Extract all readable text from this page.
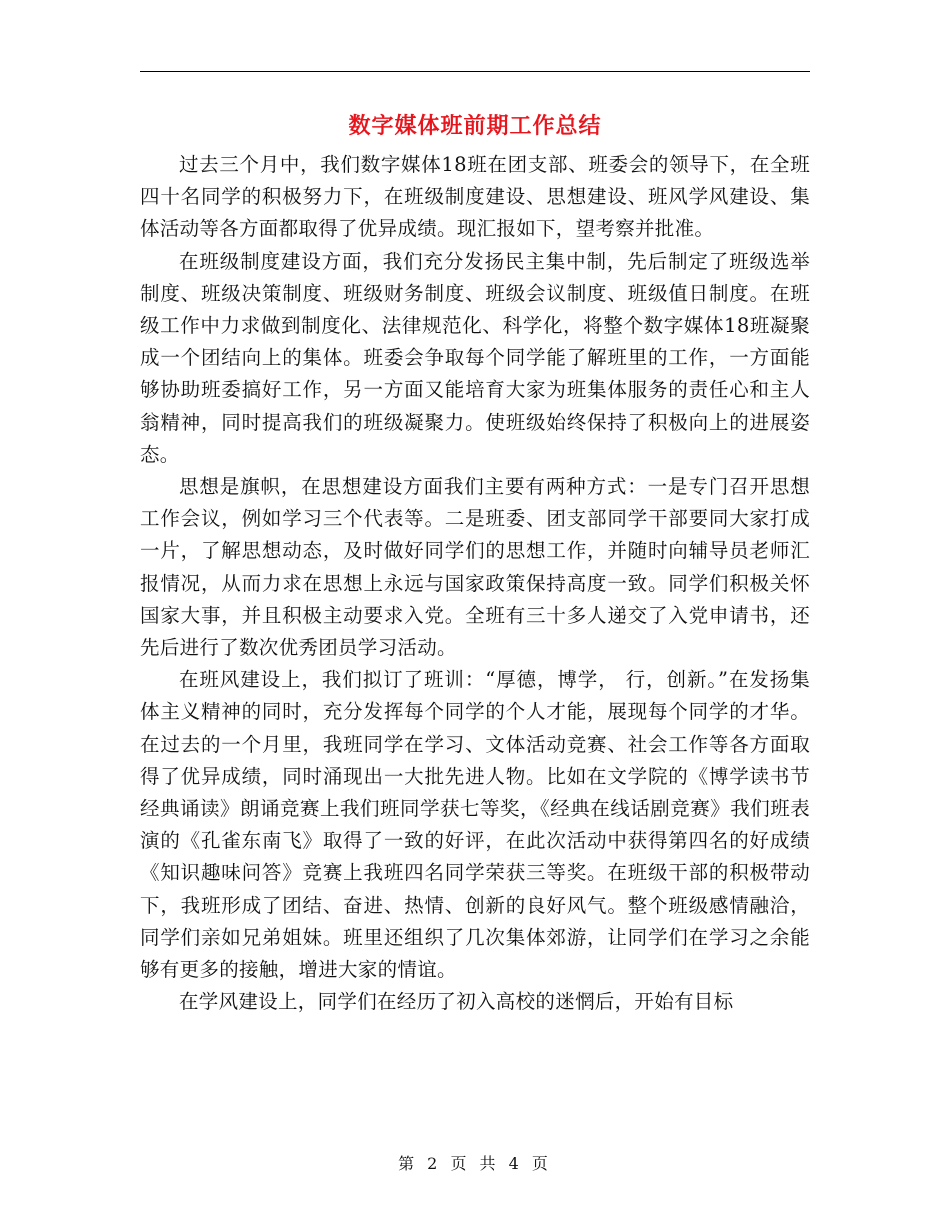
数字媒体班前期工作总结

过去三个月中，我们数字媒体18班在团支部、班委会的领导下，在全班四十名同学的积极努力下，在班级制度建设、思想建设、班风学风建设、集体活动等各方面都取得了优异成绩。现汇报如下，望考察并批准。

在班级制度建设方面，我们充分发扬民主集中制，先后制定了班级选举制度、班级决策制度、班级财务制度、班级会议制度、班级值日制度。在班级工作中力求做到制度化、法律规范化、科学化，将整个数字媒体18班凝聚成一个团结向上的集体。班委会争取每个同学能了解班里的工作，一方面能够协助班委搞好工作，另一方面又能培育大家为班集体服务的责任心和主人翁精神，同时提高我们的班级凝聚力。使班级始终保持了积极向上的进展姿态。

思想是旗帜，在思想建设方面我们主要有两种方式：一是专门召开思想工作会议，例如学习三个代表等。二是班委、团支部同学干部要同大家打成一片，了解思想动态，及时做好同学们的思想工作，并随时向辅导员老师汇报情况，从而力求在思想上永远与国家政策保持高度一致。同学们积极关怀国家大事，并且积极主动要求入党。全班有三十多人递交了入党申请书，还先后进行了数次优秀团员学习活动。

在班风建设上，我们拟订了班训：“厚德，博学， 行，创新。”在发扬集体主义精神的同时，充分发挥每个同学的个人才能，展现每个同学的才华。在过去的一个月里，我班同学在学习、文体活动竞赛、社会工作等各方面取得了优异成绩，同时涌现出一大批先进人物。比如在文学院的《博学读书节经典诵读》朗诵竞赛上我们班同学获七等奖，《经典在线话剧竞赛》我们班表演的《孔雀东南飞》取得了一致的好评，在此次活动中获得第四名的好成绩《知识趣味问答》竞赛上我班四名同学荣获三等奖。在班级干部的积极带动下，我班形成了团结、奋进、热情、创新的良好风气。整个班级感情融洽，同学们亲如兄弟姐妹。班里还组织了几次集体郊游，让同学们在学习之余能够有更多的接触，增进大家的情谊。

在学风建设上，同学们在经历了初入高校的迷惘后，开始有目标

第 2 页 共 4 页
